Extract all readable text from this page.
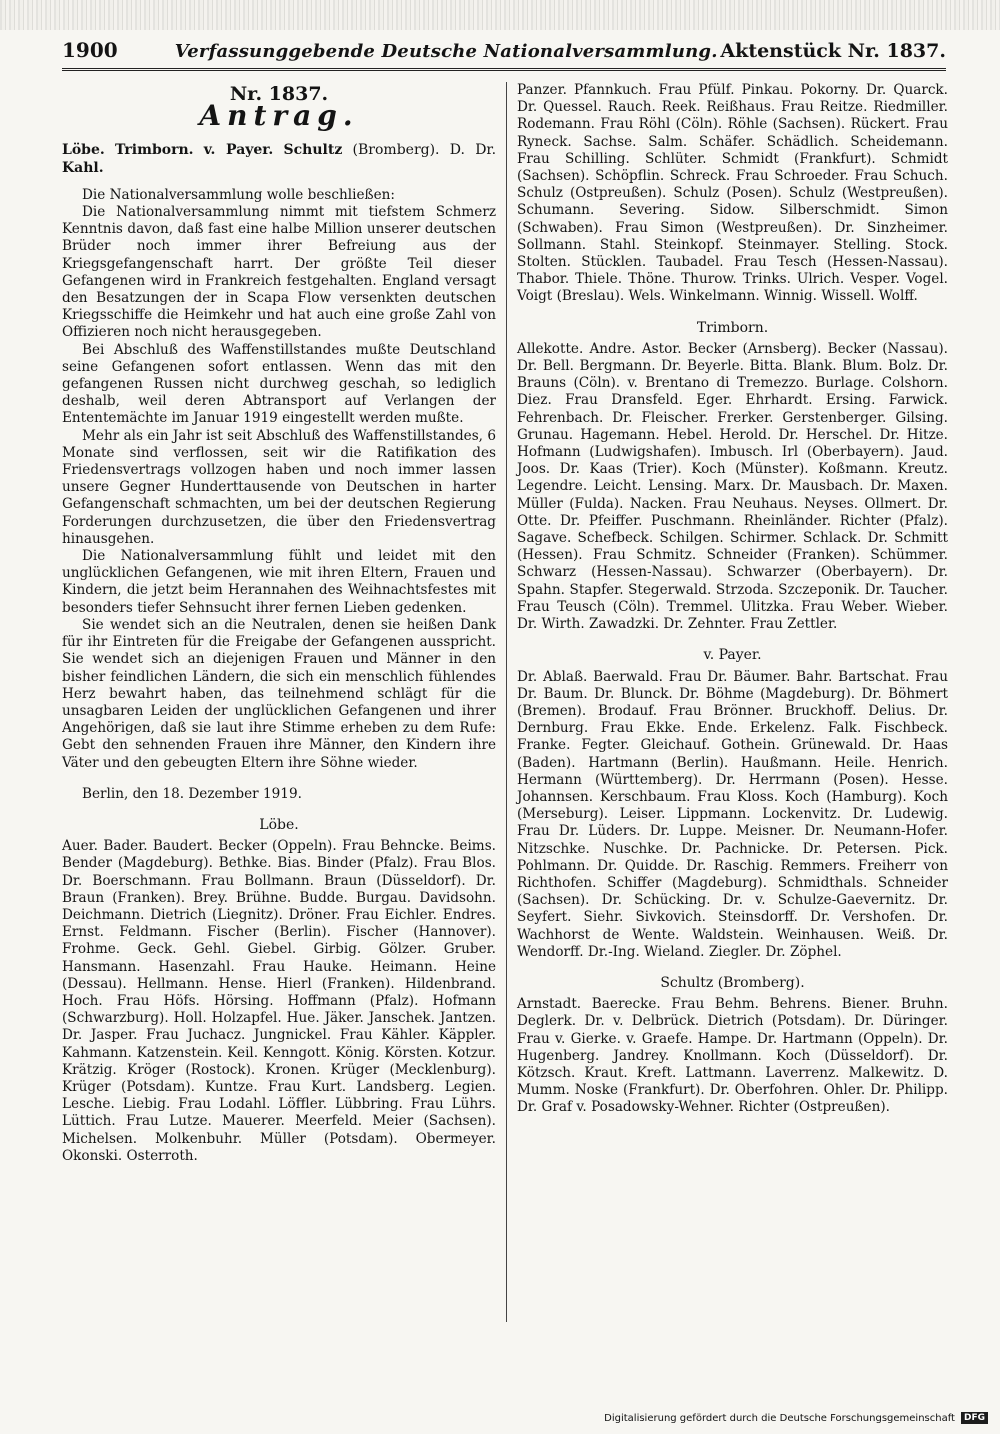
1900	Verfassunggebende Deutsche Nationalversammlung. Aktenstück Nr. 1837.
Nr. 1837.
Antrag.

Löbe. Trimborn. v. Payer. Schultz (Bromberg). D. Dr. Kahl.

Die Nationalversammlung wolle beschließen:

Die Nationalversammlung nimmt mit tiefstem Schmerz Kenntnis davon, daß fast eine halbe Million unserer deutschen Brüder noch immer ihrer Befreiung aus der Kriegsgefangenschaft harrt. Der größte Teil dieser Gefangenen wird in Frankreich festgehalten. England versagt den Besatzungen der in Scapa Flow versenkten deutschen Kriegsschiffe die Heimkehr und hat auch eine große Zahl von Offizieren noch nicht herausgegeben.

Bei Abschluß des Waffenstillstandes mußte Deutschland seine Gefangenen sofort entlassen. Wenn das mit den gefangenen Russen nicht durchweg geschah, so lediglich deshalb, weil deren Abtransport auf Verlangen der Ententemächte im Januar 1919 eingestellt werden mußte.

Mehr als ein Jahr ist seit Abschluß des Waffenstillstandes, 6 Monate sind verflossen, seit wir die Ratifikation des Friedensvertrags vollzogen haben und noch immer lassen unsere Gegner Hunderttausende von Deutschen in harter Gefangenschaft schmachten, um bei der deutschen Regierung Forderungen durchzusetzen, die über den Friedensvertrag hinausgehen.

Die Nationalversammlung fühlt und leidet mit den unglücklichen Gefangenen, wie mit ihren Eltern, Frauen und Kindern, die jetzt beim Herannahen des Weihnachtsfestes mit besonders tiefer Sehnsucht ihrer fernen Lieben gedenken.

Sie wendet sich an die Neutralen, denen sie heißen Dank für ihr Eintreten für die Freigabe der Gefangenen ausspricht. Sie wendet sich an diejenigen Frauen und Männer in den bisher feindlichen Ländern, die sich ein menschlich fühlendes Herz bewahrt haben, das teilnehmend schlägt für die unsagbaren Leiden der unglücklichen Gefangenen und ihrer Angehörigen, daß sie laut ihre Stimme erheben zu dem Rufe: Gebt den sehnenden Frauen ihre Männer, den Kindern ihre Väter und den gebeugten Eltern ihre Söhne wieder.

Berlin, den 18. Dezember 1919.

Löbe.

Auer. Bader. Baudert. Becker (Oppeln). Frau Behncke. Beims. Bender (Magdeburg). Bethke. Bias. Binder (Pfalz). Frau Blos. Dr. Boerschmann. Frau Bollmann. Braun (Düsseldorf). Dr. Braun (Franken). Brey. Brühne. Budde. Burgau. Davidsohn. Deichmann. Dietrich (Liegnitz). Dröner. Frau Eichler. Endres. Ernst. Feldmann. Fischer (Berlin). Fischer (Hannover). Frohme. Geck. Gehl. Giebel. Girbig. Gölzer. Gruber. Hansmann. Hasenzahl. Frau Hauke. Heimann. Heine (Dessau). Hellmann. Hense. Hierl (Franken). Hildenbrand. Hoch. Frau Höfs. Hörsing. Hoffmann (Pfalz). Hofmann (Schwarzburg). Holl. Holzapfel. Hue. Jäker. Janschek. Jantzen. Dr. Jasper. Frau Juchacz. Jungnickel. Frau Kähler. Käppler. Kahmann. Katzenstein. Keil. Kenngott. König. Körsten. Kotzur. Krätzig. Kröger (Rostock). Kronen. Krüger (Mecklenburg). Krüger (Potsdam). Kuntze. Frau Kurt. Landsberg. Legien. Lesche. Liebig. Frau Lodahl. Löffler. Lübbring. Frau Lührs. Lüttich. Frau Lutze. Mauerer. Meerfeld. Meier (Sachsen). Michelsen. Molkenbuhr. Müller (Potsdam). Obermeyer. Okonski. Osterroth.

Panzer. Pfannkuch. Frau Pfülf. Pinkau. Pokorny. Dr. Quarck. Dr. Quessel. Rauch. Reek. Reißhaus. Frau Reitze. Riedmiller. Rodemann. Frau Röhl (Cöln). Röhle (Sachsen). Rückert. Frau Ryneck. Sachse. Salm. Schäfer. Schädlich. Scheidemann. Frau Schilling. Schlüter. Schmidt (Frankfurt). Schmidt (Sachsen). Schöpflin. Schreck. Frau Schroeder. Frau Schuch. Schulz (Ostpreußen). Schulz (Posen). Schulz (Westpreußen). Schumann. Severing. Sidow. Silberschmidt. Simon (Schwaben). Frau Simon (Westpreußen). Dr. Sinzheimer. Sollmann. Stahl. Steinkopf. Steinmayer. Stelling. Stock. Stolten. Stücklen. Taubadel. Frau Tesch (Hessen-Nassau). Thabor. Thiele. Thöne. Thurow. Trinks. Ulrich. Vesper. Vogel. Voigt (Breslau). Wels. Winkelmann. Winnig. Wissell. Wolff.

Trimborn.

Allekotte. Andre. Astor. Becker (Arnsberg). Becker (Nassau). Dr. Bell. Bergmann. Dr. Beyerle. Bitta. Blank. Blum. Bolz. Dr. Brauns (Cöln). v. Brentano di Tremezzo. Burlage. Colshorn. Diez. Frau Dransfeld. Eger. Ehrhardt. Ersing. Farwick. Fehrenbach. Dr. Fleischer. Frerker. Gerstenberger. Gilsing. Grunau. Hagemann. Hebel. Herold. Dr. Herschel. Dr. Hitze. Hofmann (Ludwigshafen). Imbusch. Irl (Oberbayern). Jaud. Joos. Dr. Kaas (Trier). Koch (Münster). Koßmann. Kreutz. Legendre. Leicht. Lensing. Marx. Dr. Mausbach. Dr. Maxen. Müller (Fulda). Nacken. Frau Neuhaus. Neyses. Ollmert. Dr. Otte. Dr. Pfeiffer. Puschmann. Rheinländer. Richter (Pfalz). Sagave. Schefbeck. Schilgen. Schirmer. Schlack. Dr. Schmitt (Hessen). Frau Schmitz. Schneider (Franken). Schümmer. Schwarz (Hessen-Nassau). Schwarzer (Oberbayern). Dr. Spahn. Stapfer. Stegerwald. Strzoda. Szczeponik. Dr. Taucher. Frau Teusch (Cöln). Tremmel. Ulitzka. Frau Weber. Wieber. Dr. Wirth. Zawadzki. Dr. Zehnter. Frau Zettler.

v. Payer.

Dr. Ablaß. Baerwald. Frau Dr. Bäumer. Bahr. Bartschat. Frau Dr. Baum. Dr. Blunck. Dr. Böhme (Magdeburg). Dr. Böhmert (Bremen). Brodauf. Frau Brönner. Bruckhoff. Delius. Dr. Dernburg. Frau Ekke. Ende. Erkelenz. Falk. Fischbeck. Franke. Fegter. Gleichauf. Gothein. Grünewald. Dr. Haas (Baden). Hartmann (Berlin). Haußmann. Heile. Henrich. Hermann (Württemberg). Dr. Herrmann (Posen). Hesse. Johannsen. Kerschbaum. Frau Kloss. Koch (Hamburg). Koch (Merseburg). Leiser. Lippmann. Lockenvitz. Dr. Ludewig. Frau Dr. Lüders. Dr. Luppe. Meisner. Dr. Neumann-Hofer. Nitzschke. Nuschke. Dr. Pachnicke. Dr. Petersen. Pick. Pohlmann. Dr. Quidde. Dr. Raschig. Remmers. Freiherr von Richthofen. Schiffer (Magdeburg). Schmidthals. Schneider (Sachsen). Dr. Schücking. Dr. v. Schulze-Gaevernitz. Dr. Seyfert. Siehr. Sivkovich. Steinsdorff. Dr. Vershofen. Dr. Wachhorst de Wente. Waldstein. Weinhausen. Weiß. Dr. Wendorff. Dr.-Ing. Wieland. Ziegler. Dr. Zöphel.

Schultz (Bromberg).

Arnstadt. Baerecke. Frau Behm. Behrens. Biener. Bruhn. Deglerk. Dr. v. Delbrück. Dietrich (Potsdam). Dr. Düringer. Frau v. Gierke. v. Graefe. Hampe. Dr. Hartmann (Oppeln). Dr. Hugenberg. Jandrey. Knollmann. Koch (Düsseldorf). Dr. Kötzsch. Kraut. Kreft. Lattmann. Laverrenz. Malkewitz. D. Mumm. Noske (Frankfurt). Dr. Oberfohren. Ohler. Dr. Philipp. Dr. Graf v. Posadowsky-Wehner. Richter (Ostpreußen).

Digitalisierung gefördert durch die Deutsche Forschungsgemeinschaft	DFG
